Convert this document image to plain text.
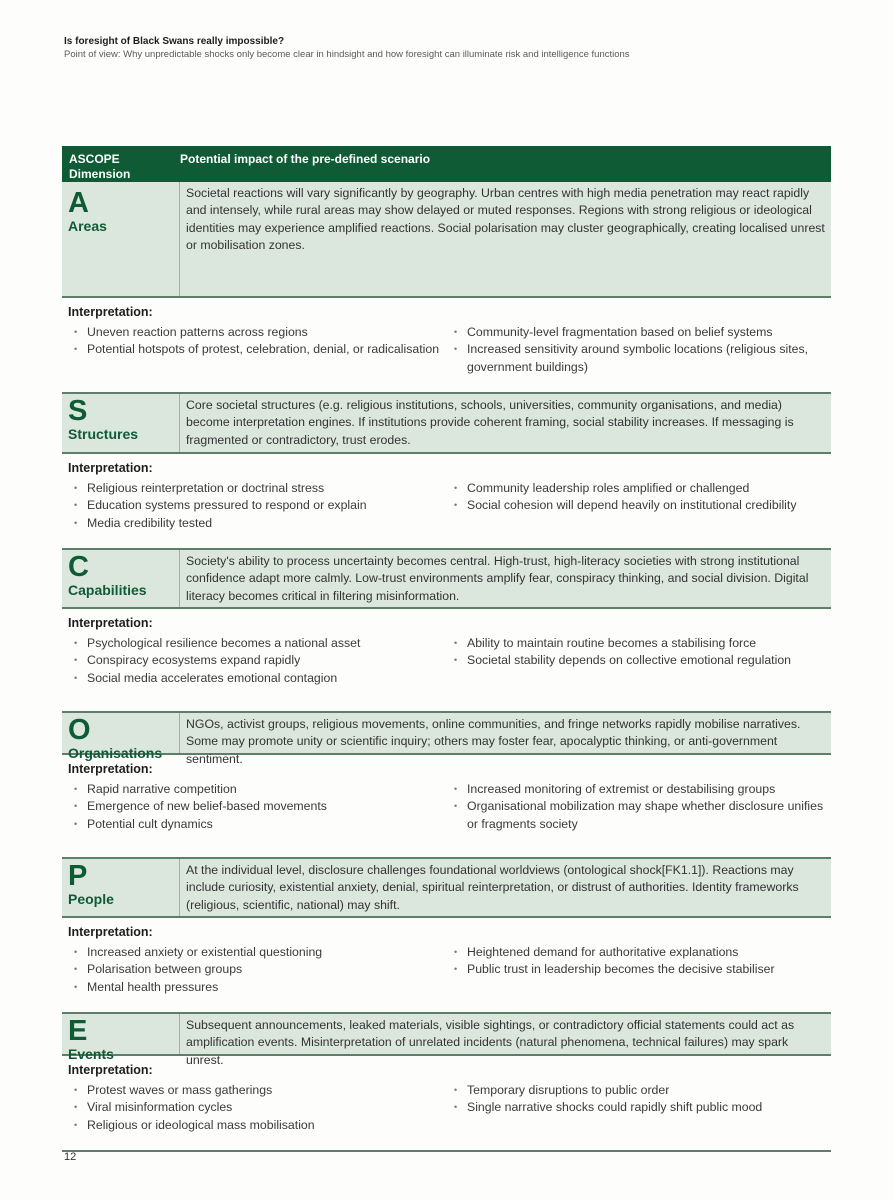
Is foresight of Black Swans really impossible?
Point of view: Why unpredictable shocks only become clear in hindsight and how foresight can illuminate risk and intelligence functions
ASCOPE Dimension
Potential impact of the pre-defined scenario
A
Areas
Societal reactions will vary significantly by geography. Urban centres with high media penetration may react rapidly and intensely, while rural areas may show delayed or muted responses. Regions with strong religious or ideological identities may experience amplified reactions. Social polarisation may cluster geographically, creating localised unrest or mobilisation zones.
Interpretation:
• Uneven reaction patterns across regions
• Potential hotspots of protest, celebration, denial, or radicalisation
• Community-level fragmentation based on belief systems
• Increased sensitivity around symbolic locations (religious sites, government buildings)
S
Structures
Core societal structures (e.g. religious institutions, schools, universities, community organisations, and media) become interpretation engines. If institutions provide coherent framing, social stability increases. If messaging is fragmented or contradictory, trust erodes.
Interpretation:
• Religious reinterpretation or doctrinal stress
• Education systems pressured to respond or explain
• Media credibility tested
• Community leadership roles amplified or challenged
• Social cohesion will depend heavily on institutional credibility
C
Capabilities
Society's ability to process uncertainty becomes central. High-trust, high-literacy societies with strong institutional confidence adapt more calmly. Low-trust environments amplify fear, conspiracy thinking, and social division. Digital literacy becomes critical in filtering misinformation.
Interpretation:
• Psychological resilience becomes a national asset
• Conspiracy ecosystems expand rapidly
• Social media accelerates emotional contagion
• Ability to maintain routine becomes a stabilising force
• Societal stability depends on collective emotional regulation
O
Organisations
NGOs, activist groups, religious movements, online communities, and fringe networks rapidly mobilise narratives. Some may promote unity or scientific inquiry; others may foster fear, apocalyptic thinking, or anti-government sentiment.
Interpretation:
• Rapid narrative competition
• Emergence of new belief-based movements
• Potential cult dynamics
• Increased monitoring of extremist or destabilising groups
• Organisational mobilization may shape whether disclosure unifies or fragments society
P
People
At the individual level, disclosure challenges foundational worldviews (ontological shock[FK1.1]). Reactions may include curiosity, existential anxiety, denial, spiritual reinterpretation, or distrust of authorities. Identity frameworks (religious, scientific, national) may shift.
Interpretation:
• Increased anxiety or existential questioning
• Polarisation between groups
• Mental health pressures
• Heightened demand for authoritative explanations
• Public trust in leadership becomes the decisive stabiliser
E
Events
Subsequent announcements, leaked materials, visible sightings, or contradictory official statements could act as amplification events. Misinterpretation of unrelated incidents (natural phenomena, technical failures) may spark unrest.
Interpretation:
• Protest waves or mass gatherings
• Viral misinformation cycles
• Religious or ideological mass mobilisation
• Temporary disruptions to public order
• Single narrative shocks could rapidly shift public mood
12
